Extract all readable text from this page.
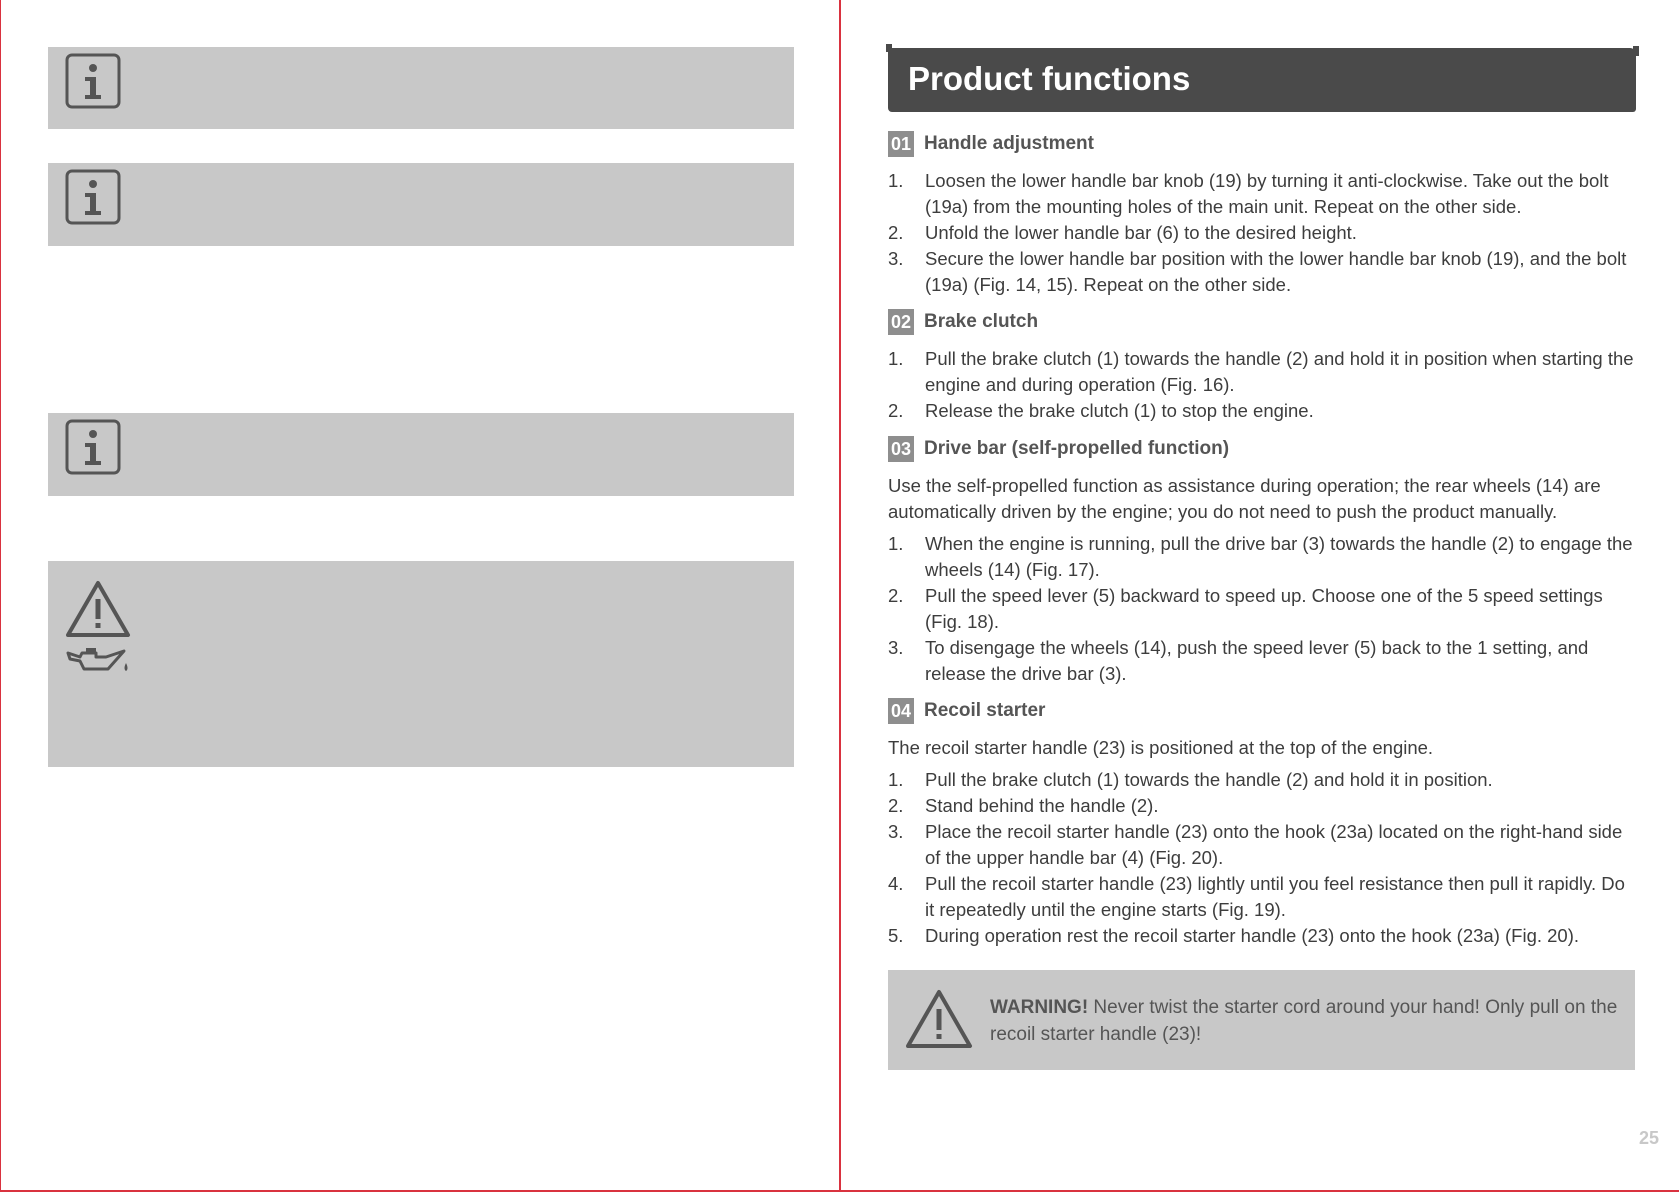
Product functions
01 Handle adjustment
1. Loosen the lower handle bar knob (19) by turning it anti-clockwise. Take out the bolt (19a) from the mounting holes of the main unit. Repeat on the other side.
2. Unfold the lower handle bar (6) to the desired height.
3. Secure the lower handle bar position with the lower handle bar knob (19), and the bolt (19a) (Fig. 14, 15). Repeat on the other side.
02 Brake clutch
1. Pull the brake clutch (1) towards the handle (2) and hold it in position when starting the engine and during operation (Fig. 16).
2. Release the brake clutch (1) to stop the engine.
03 Drive bar (self-propelled function)
Use the self-propelled function as assistance during operation; the rear wheels (14) are automatically driven by the engine; you do not need to push the product manually.
1. When the engine is running, pull the drive bar (3) towards the handle (2) to engage the wheels (14) (Fig. 17).
2. Pull the speed lever (5) backward to speed up. Choose one of the 5 speed settings (Fig. 18).
3. To disengage the wheels (14), push the speed lever (5) back to the 1 setting, and release the drive bar (3).
04 Recoil starter
The recoil starter handle (23) is positioned at the top of the engine.
1. Pull the brake clutch (1) towards the handle (2) and hold it in position.
2. Stand behind the handle (2).
3. Place the recoil starter handle (23) onto the hook (23a) located on the right-hand side of the upper handle bar (4) (Fig. 20).
4. Pull the recoil starter handle (23) lightly until you feel resistance then pull it rapidly. Do it repeatedly until the engine starts (Fig. 19).
5. During operation rest the recoil starter handle (23) onto the hook (23a) (Fig. 20).
WARNING! Never twist the starter cord around your hand! Only pull on the recoil starter handle (23)!
25
